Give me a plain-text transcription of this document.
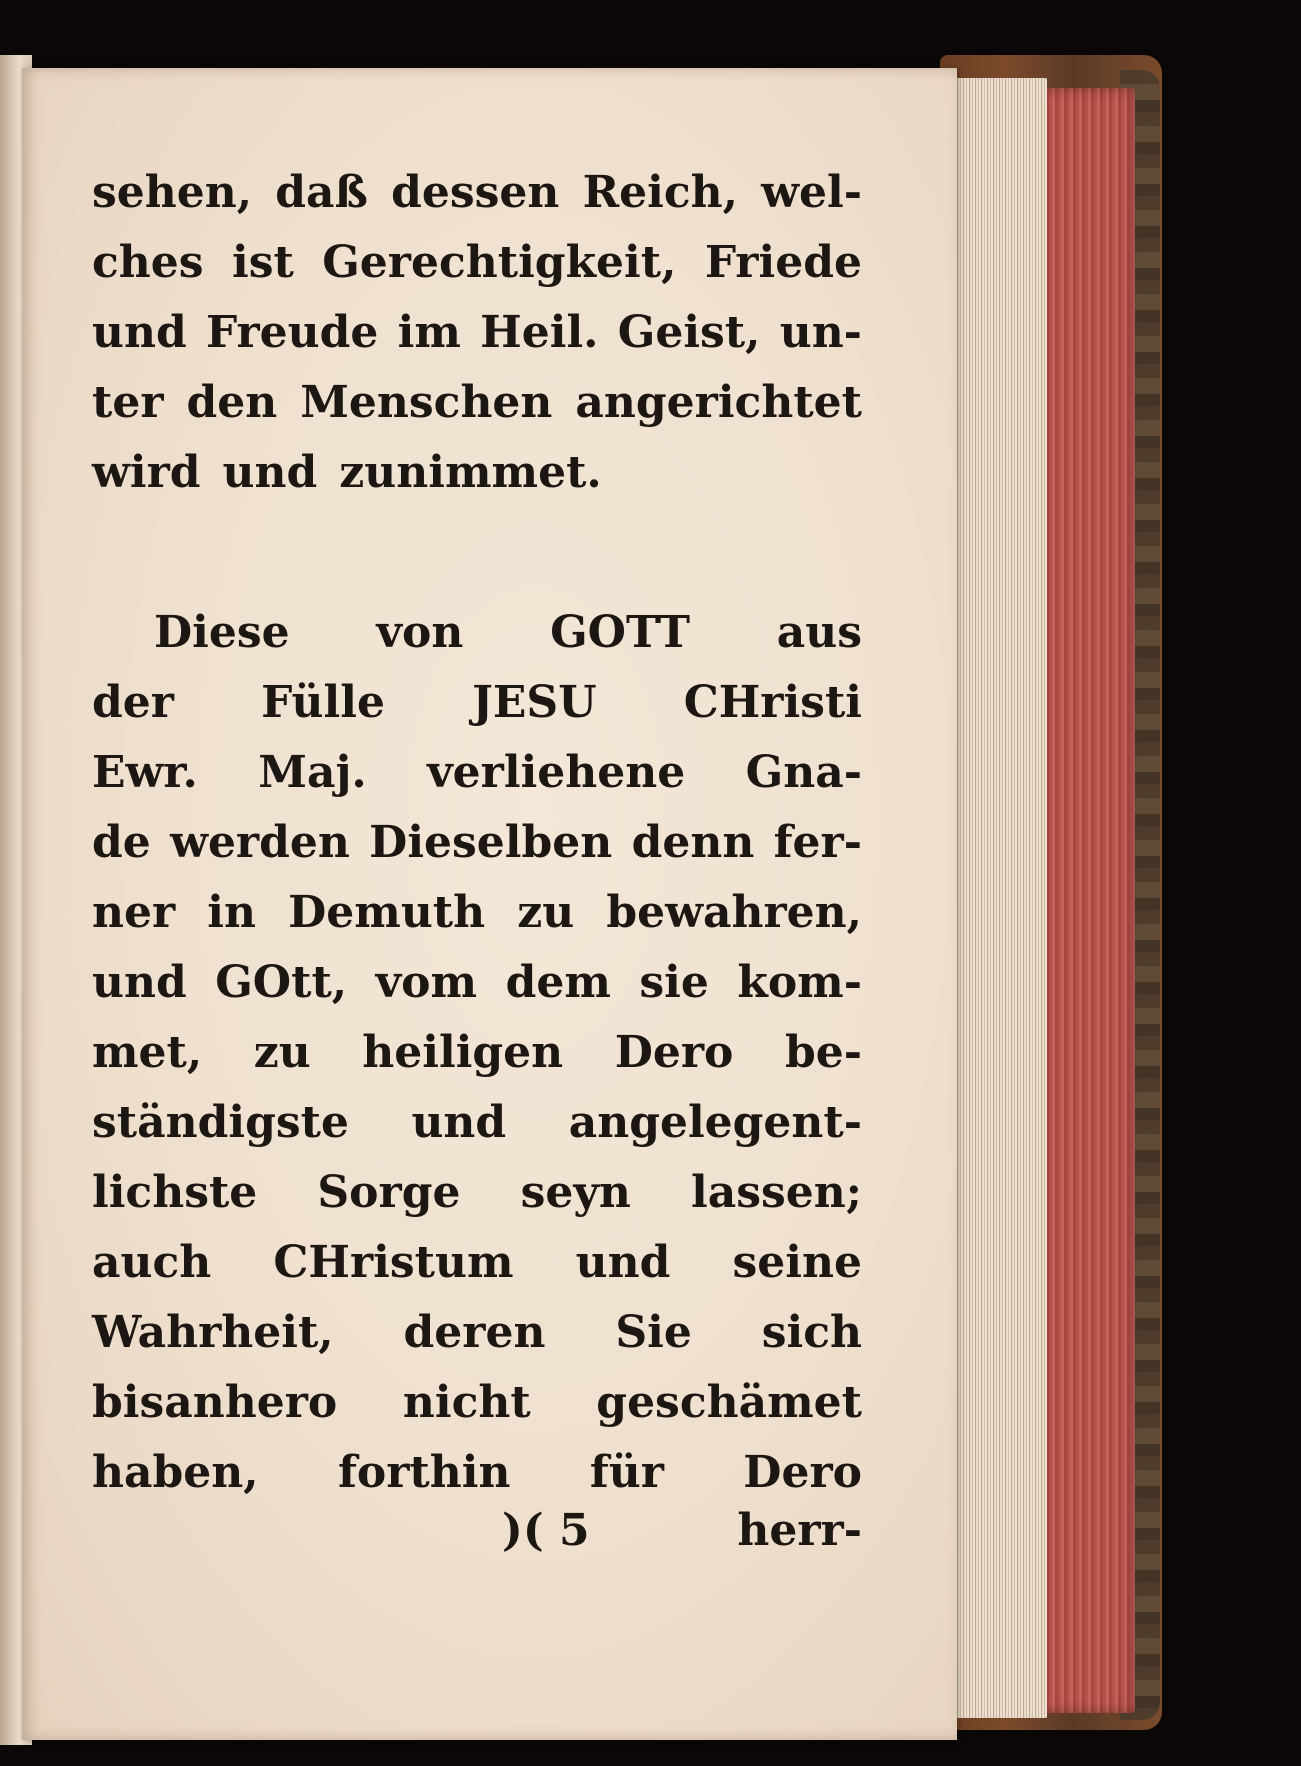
sehen, daß dessen Reich, wel-
ches ist Gerechtigkeit, Friede
und Freude im Heil. Geist, un-
ter den Menschen angerichtet
wird und zunimmet.
Diese von GOTT aus
der Fülle JESU CHristi
Ewr. Maj. verliehene Gna-
de werden Dieselben denn fer-
ner in Demuth zu bewahren,
und GOtt, vom dem sie kom-
met, zu heiligen Dero be-
ständigste und angelegent-
lichste Sorge seyn lassen;
auch CHristum und seine
Wahrheit, deren Sie sich
bisanhero nicht geschämet
haben, forthin für Dero
)( 5	herr-
